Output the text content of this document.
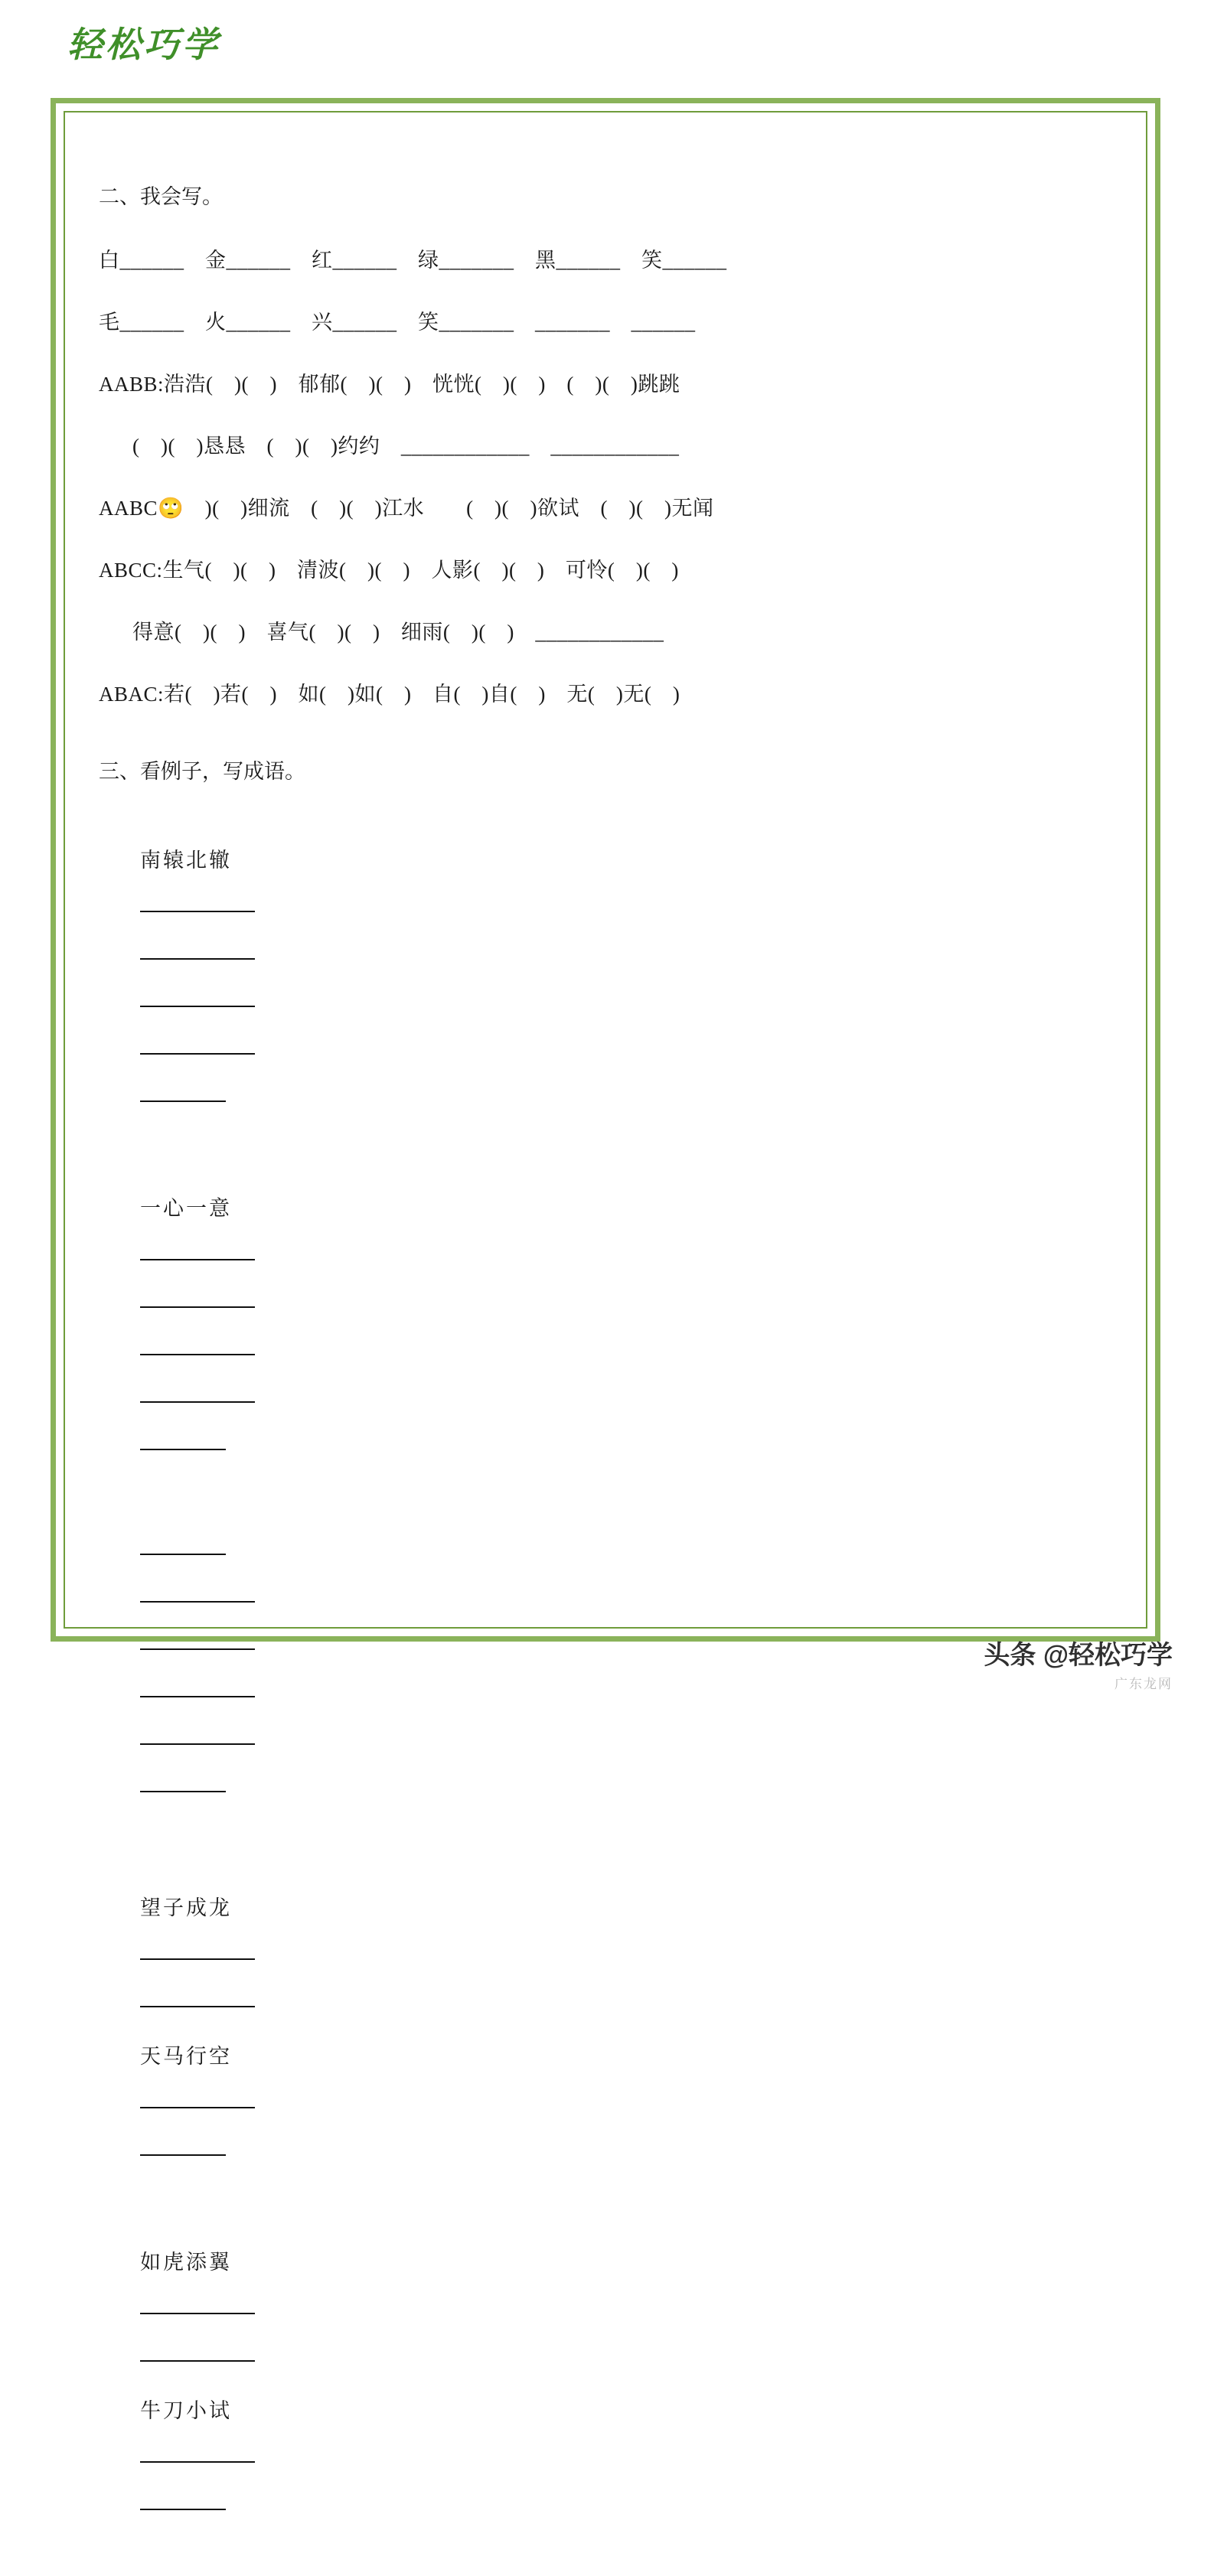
轻松巧学
二、我会写。
白______　金______　红______　绿_______　黑______　笑______
毛______　火______　兴______　笑_______　_______　______
AABB:浩浩(　)(　)　郁郁(　)(　)　恍恍(　)(　)　(　)(　)跳跳
(　)(　)恳恳　(　)(　)约约　____________　____________
AABC🙄　)(　)细流　(　)(　)江水　　(　)(　)欲试　(　)(　)无闻
ABCC:生气(　)(　)　清波(　)(　)　人影(　)(　)　可怜(　)(　)
得意(　)(　)　喜气(　)(　)　细雨(　)(　)　____________
ABAC:若(　)若(　)　如(　)如(　)　自(　)自(　)　无(　)无(　)
三、看例子，写成语。

南辕北辙

一心一意

望子成龙

天马行空

如虎添翼

牛刀小试

头条 @轻松巧学
广东龙网
